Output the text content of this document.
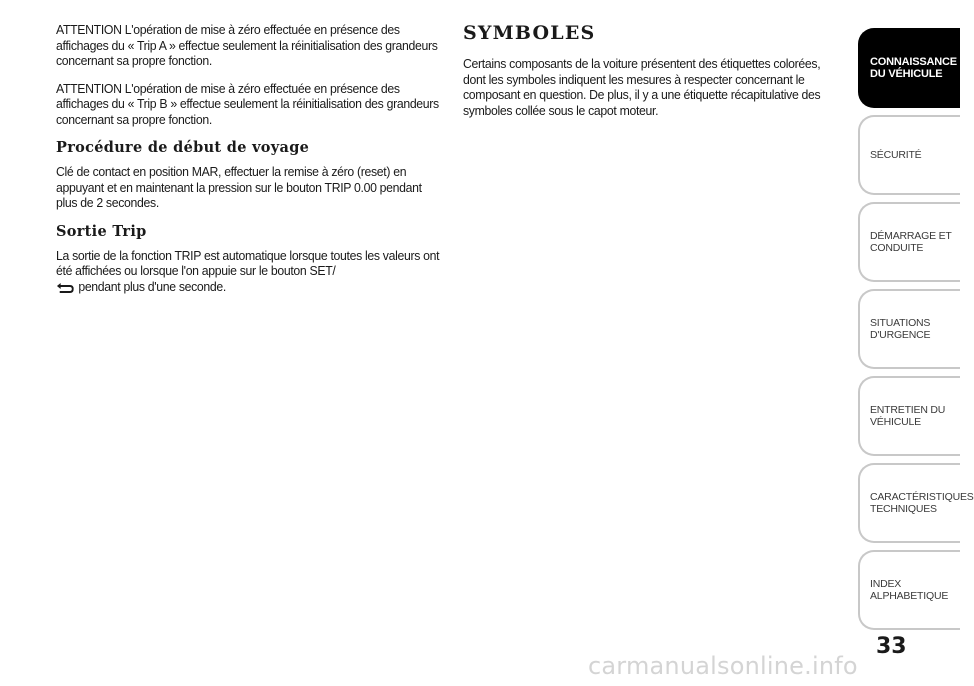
ATTENTION L'opération de mise à zéro effectuée en présence des affichages du « Trip A » effectue seulement la réinitialisation des grandeurs concernant sa propre fonction.

ATTENTION L'opération de mise à zéro effectuée en présence des affichages du « Trip B » effectue seulement la réinitialisation des grandeurs concernant sa propre fonction.

Procédure de début de voyage

Clé de contact en position MAR, effectuer la remise à zéro (reset) en appuyant et en maintenant la pression sur le bouton TRIP 0.00 pendant plus de 2 secondes.

Sortie Trip

La sortie de la fonction TRIP est automatique lorsque toutes les valeurs ont été affichées ou lorsque l'on appuie sur le bouton SET/
pendant plus d'une seconde.

SYMBOLES

Certains composants de la voiture présentent des étiquettes colorées, dont les symboles indiquent les mesures à respecter concernant le composant en question. De plus, il y a une étiquette récapitulative des symboles collée sous le capot moteur.

CONNAISSANCE
DU VÉHICULE
SÉCURITÉ
DÉMARRAGE ET
CONDUITE
SITUATIONS
D'URGENCE
ENTRETIEN DU
VÉHICULE
CARACTÉRISTIQUES
TECHNIQUES
INDEX
ALPHABETIQUE
33
carmanualsonline.info
